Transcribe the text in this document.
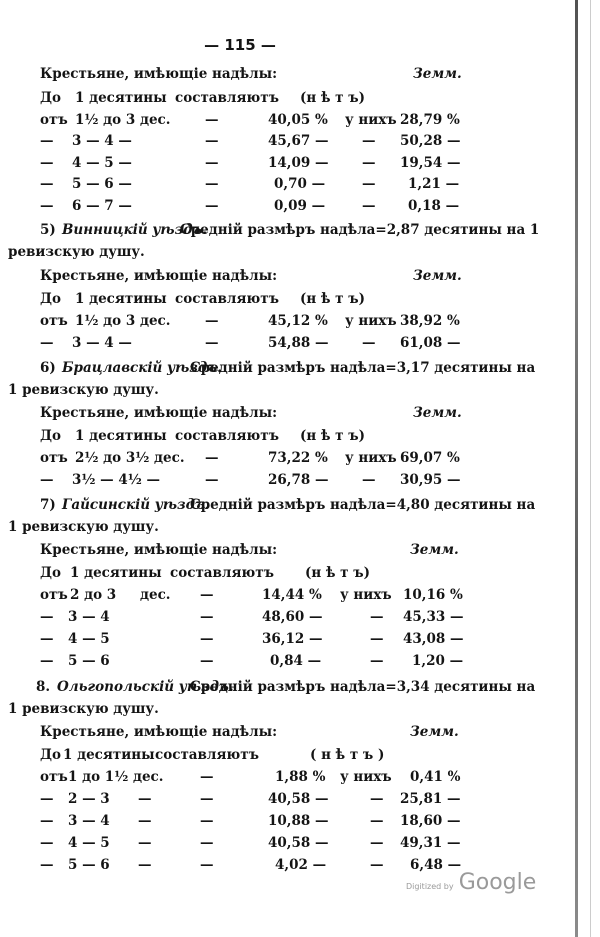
— 115 —
Крестьяне, имѣющіе надѣлы:	Земм.
До 1 десятины составляютъ (н ѣ т ъ)
отъ 1½ до 3 дес.	—	40,05 % у нихъ 28,79 %
— 3 — 4 —	—	45,67 — — 50,28 —
— 4 — 5 —	—	14,09 — — 19,54 —
— 5 — 6 —	—	0,70 —	— 1,21 —
— 6 — 7 —	—	0,09 —	— 0,18 —
5) Винницкій уѣздъ.
Средній размѣръ надѣла=2,87 десятины на 1
ревизскую душу.
Крестьяне, имѣющіе надѣлы:	Земм.
До 1 десятины составляютъ (н ѣ т ъ)
отъ 1½ до 3 дес.	—	45,12 % у нихъ 38,92 %
— 3 — 4 —	—	54,88 — — 61,08 —
6) Брацлавскій уѣздъ.
Средній размѣръ надѣла=3,17 десятины на
1 ревизскую душу.
Крестьяне, имѣющіе надѣлы:	Земм.
До 1 десятины составляютъ (н ѣ т ъ)
отъ 2½ до 3½ дес. —	73,22 % у нихъ 69,07 %
— 3½ — 4½ —	—	26,78 — — 30,95 —
7) Гайсинскій уѣздъ.
Средній размѣръ надѣла=4,80 десятины на
1 ревизскую душу.
Крестьяне, имѣющіе надѣлы:	Земм.
До 1 десятины составляютъ (н ѣ т ъ)
отъ 2 до 3 дес. —	14,44 % у нихъ 10,16 %
— 3 — 4	—	48,60 —	— 45,33 —
— 4 — 5	—	36,12 —	— 43,08 —
— 5 — 6	—	0,84 —	— 1,20 —
8. Ольгопольскій уѣздъ.
Средній размѣръ надѣла=3,34 десятины на
1 ревизскую душу.
Крестьяне, имѣющіе надѣлы:	Земм.
До 1 десятины составляютъ	( н ѣ т ъ )
отъ 1 до 1½ дес.	—	1,88 % у нихъ 0,41 %
— 2 — 3 —	—	40,58 —	— 25,81 —
— 3 — 4 —	—	10,88 —	— 18,60 —
— 4 — 5 —	—	40,58 —	— 49,31 —
— 5 — 6 —	—	4,02 —	— 6,48 —
Digitized by Google
